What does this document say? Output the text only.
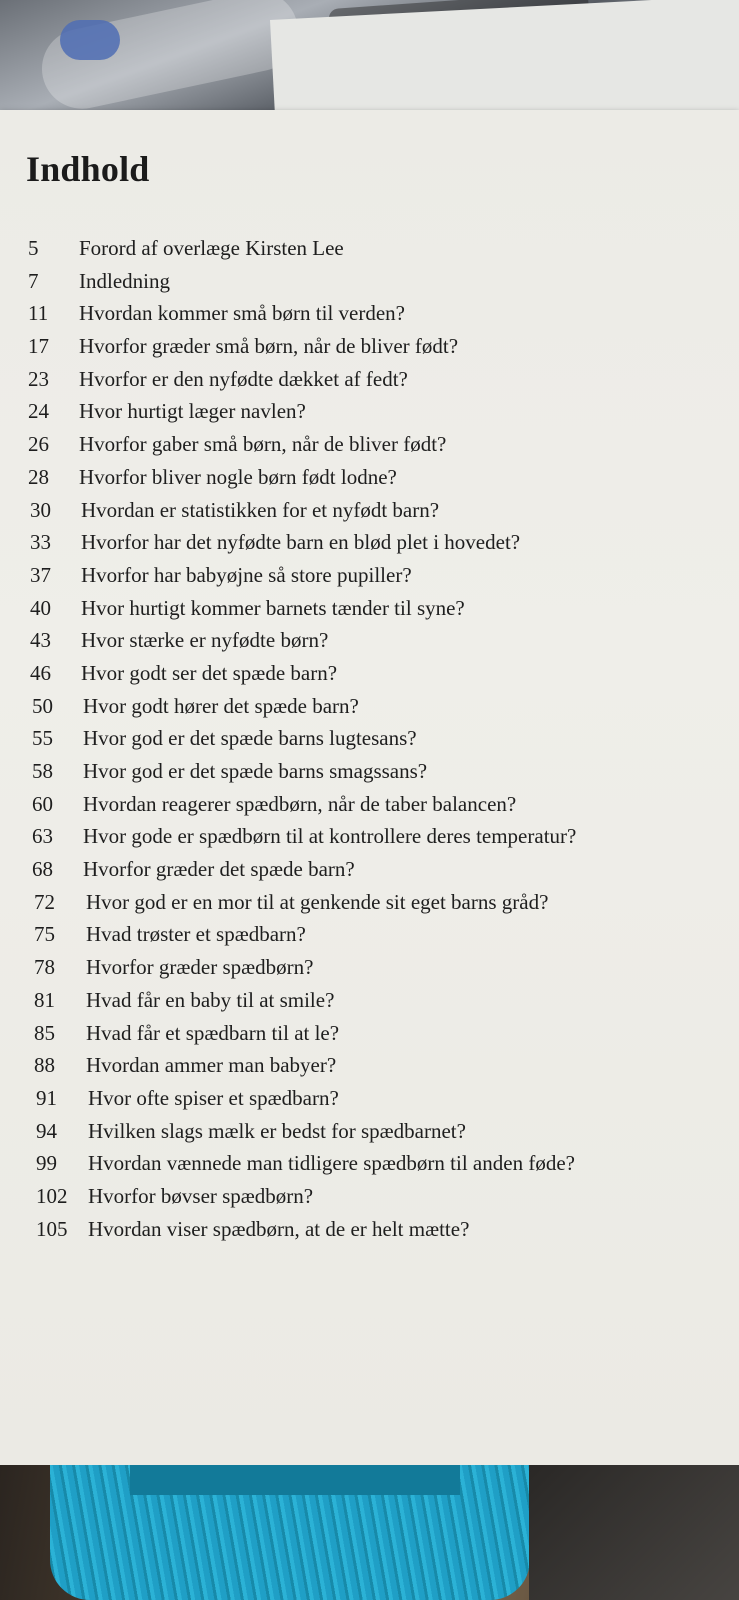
Indhold
5	Forord af overlæge Kirsten Lee
7	Indledning
11	Hvordan kommer små børn til verden?
17	Hvorfor græder små børn, når de bliver født?
23	Hvorfor er den nyfødte dækket af fedt?
24	Hvor hurtigt læger navlen?
26	Hvorfor gaber små børn, når de bliver født?
28	Hvorfor bliver nogle børn født lodne?
30	Hvordan er statistikken for et nyfødt barn?
33	Hvorfor har det nyfødte barn en blød plet i hovedet?
37	Hvorfor har babyøjne så store pupiller?
40	Hvor hurtigt kommer barnets tænder til syne?
43	Hvor stærke er nyfødte børn?
46	Hvor godt ser det spæde barn?
50	Hvor godt hører det spæde barn?
55	Hvor god er det spæde barns lugtesans?
58	Hvor god er det spæde barns smagssans?
60	Hvordan reagerer spædbørn, når de taber balancen?
63	Hvor gode er spædbørn til at kontrollere deres temperatur?
68	Hvorfor græder det spæde barn?
72	Hvor god er en mor til at genkende sit eget barns gråd?
75	Hvad trøster et spædbarn?
78	Hvorfor græder spædbørn?
81	Hvad får en baby til at smile?
85	Hvad får et spædbarn til at le?
88	Hvordan ammer man babyer?
91	Hvor ofte spiser et spædbarn?
94	Hvilken slags mælk er bedst for spædbarnet?
99	Hvordan vænnede man tidligere spædbørn til anden føde?
102 Hvorfor bøvser spædbørn?
105 Hvordan viser spædbørn, at de er helt mætte?
